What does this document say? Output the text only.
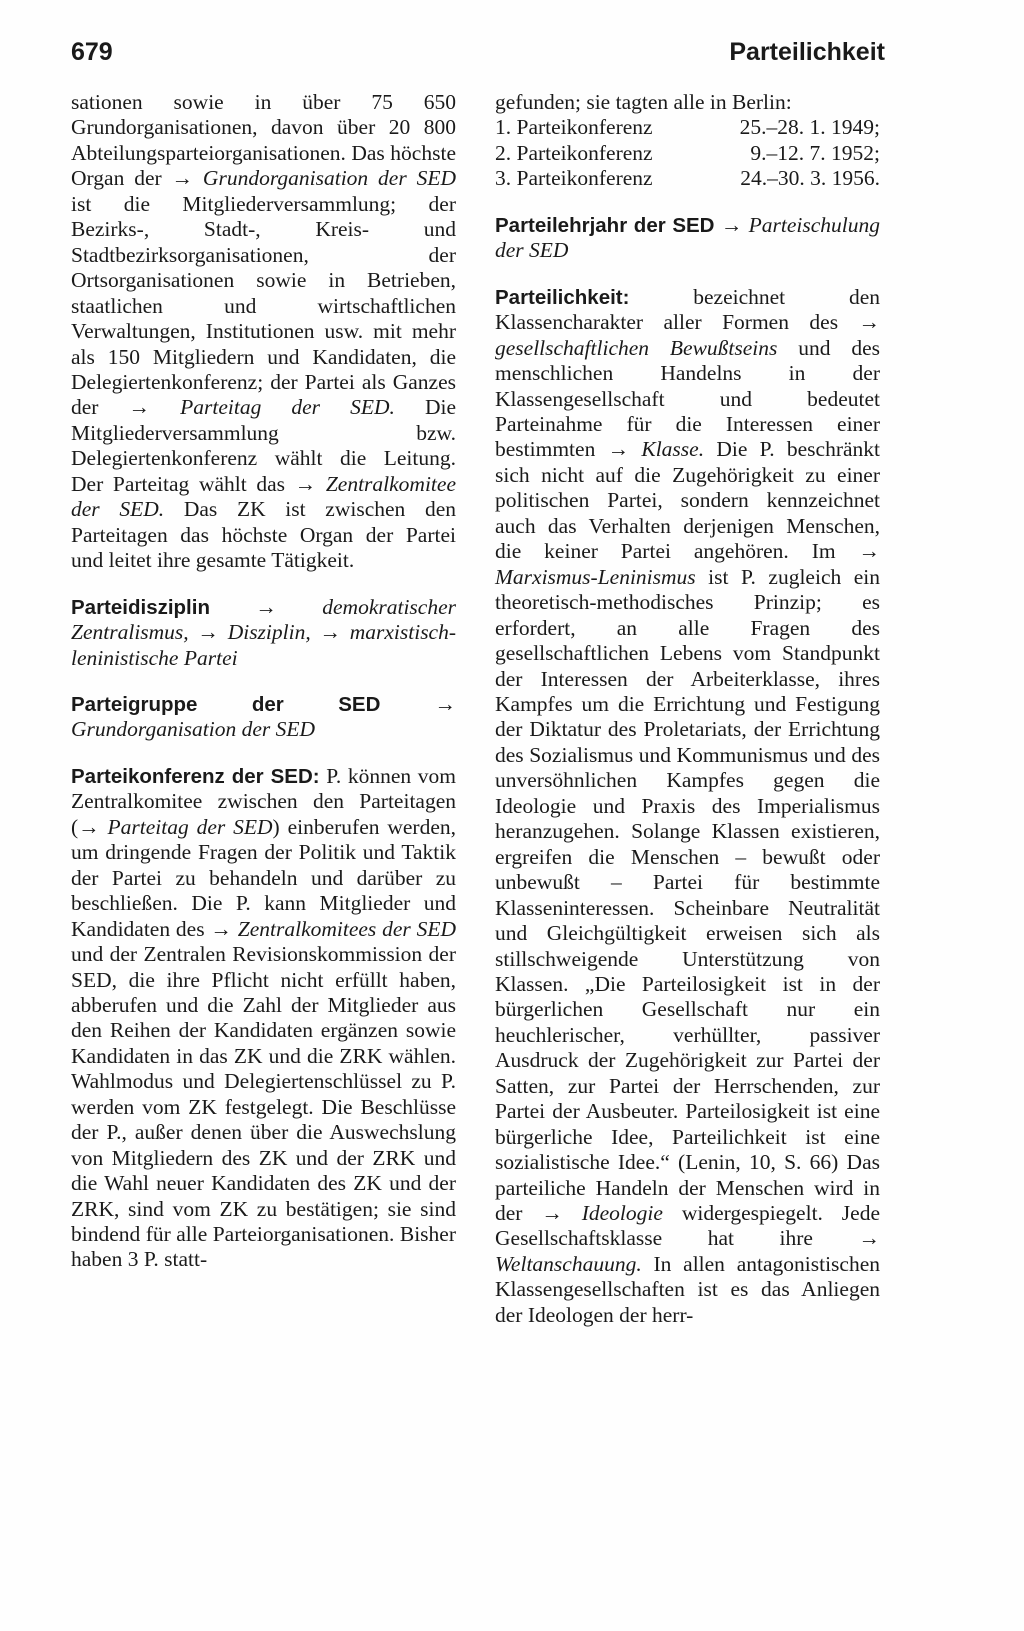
679	Parteilichkeit

sationen sowie in über 75 650 Grundorganisationen, davon über 20 800 Abteilungsparteiorganisationen. Das höchste Organ der → Grundorganisation der SED ist die Mitgliederversammlung; der Bezirks-, Stadt-, Kreis- und Stadtbezirksorganisationen, der Ortsorganisationen sowie in Betrieben, staatlichen und wirtschaftlichen Verwaltungen, Institutionen usw. mit mehr als 150 Mitgliedern und Kandidaten, die Delegiertenkonferenz; der Partei als Ganzes der → Parteitag der SED. Die Mitgliederversammlung bzw. Delegiertenkonferenz wählt die Leitung. Der Parteitag wählt das → Zentralkomitee der SED. Das ZK ist zwischen den Parteitagen das höchste Organ der Partei und leitet ihre gesamte Tätigkeit.

Parteidisziplin → demokratischer Zentralismus, → Disziplin, → marxistisch-leninistische Partei

Parteigruppe der SED → Grundorganisation der SED

Parteikonferenz der SED: P. können vom Zentralkomitee zwischen den Parteitagen (→ Parteitag der SED) einberufen werden, um dringende Fragen der Politik und Taktik der Partei zu behandeln und darüber zu beschließen. Die P. kann Mitglieder und Kandidaten des → Zentralkomitees der SED und der Zentralen Revisionskommission der SED, die ihre Pflicht nicht erfüllt haben, abberufen und die Zahl der Mitglieder aus den Reihen der Kandidaten ergänzen sowie Kandidaten in das ZK und die ZRK wählen. Wahlmodus und Delegiertenschlüssel zu P. werden vom ZK festgelegt. Die Beschlüsse der P., außer denen über die Auswechslung von Mitgliedern des ZK und der ZRK und die Wahl neuer Kandidaten des ZK und der ZRK, sind vom ZK zu bestätigen; sie sind bindend für alle Parteiorganisationen. Bisher haben 3 P. statt-

gefunden; sie tagten alle in Berlin:

1. Parteikonferenz	25.–28. 1. 1949;
2. Parteikonferenz	9.–12. 7. 1952;
3. Parteikonferenz	24.–30. 3. 1956.

Parteilehrjahr der SED → Parteischulung der SED

Parteilichkeit: bezeichnet den Klassencharakter aller Formen des → gesellschaftlichen Bewußtseins und des menschlichen Handelns in der Klassengesellschaft und bedeutet Parteinahme für die Interessen einer bestimmten → Klasse. Die P. beschränkt sich nicht auf die Zugehörigkeit zu einer politischen Partei, sondern kennzeichnet auch das Verhalten derjenigen Menschen, die keiner Partei angehören. Im → Marxismus-Leninismus ist P. zugleich ein theoretisch-methodisches Prinzip; es erfordert, an alle Fragen des gesellschaftlichen Lebens vom Standpunkt der Interessen der Arbeiterklasse, ihres Kampfes um die Errichtung und Festigung der Diktatur des Proletariats, der Errichtung des Sozialismus und Kommunismus und des unversöhnlichen Kampfes gegen die Ideologie und Praxis des Imperialismus heranzugehen. Solange Klassen existieren, ergreifen die Menschen – bewußt oder unbewußt – Partei für bestimmte Klasseninteressen. Scheinbare Neutralität und Gleichgültigkeit erweisen sich als stillschweigende Unterstützung von Klassen. „Die Parteilosigkeit ist in der bürgerlichen Gesellschaft nur ein heuchlerischer, verhüllter, passiver Ausdruck der Zugehörigkeit zur Partei der Satten, zur Partei der Herrschenden, zur Partei der Ausbeuter. Parteilosigkeit ist eine bürgerliche Idee, Parteilichkeit ist eine sozialistische Idee.“ (Lenin, 10, S. 66) Das parteiliche Handeln der Menschen wird in der → Ideologie widergespiegelt. Jede Gesellschaftsklasse hat ihre → Weltanschauung. In allen antagonistischen Klassengesellschaften ist es das Anliegen der Ideologen der herr-
